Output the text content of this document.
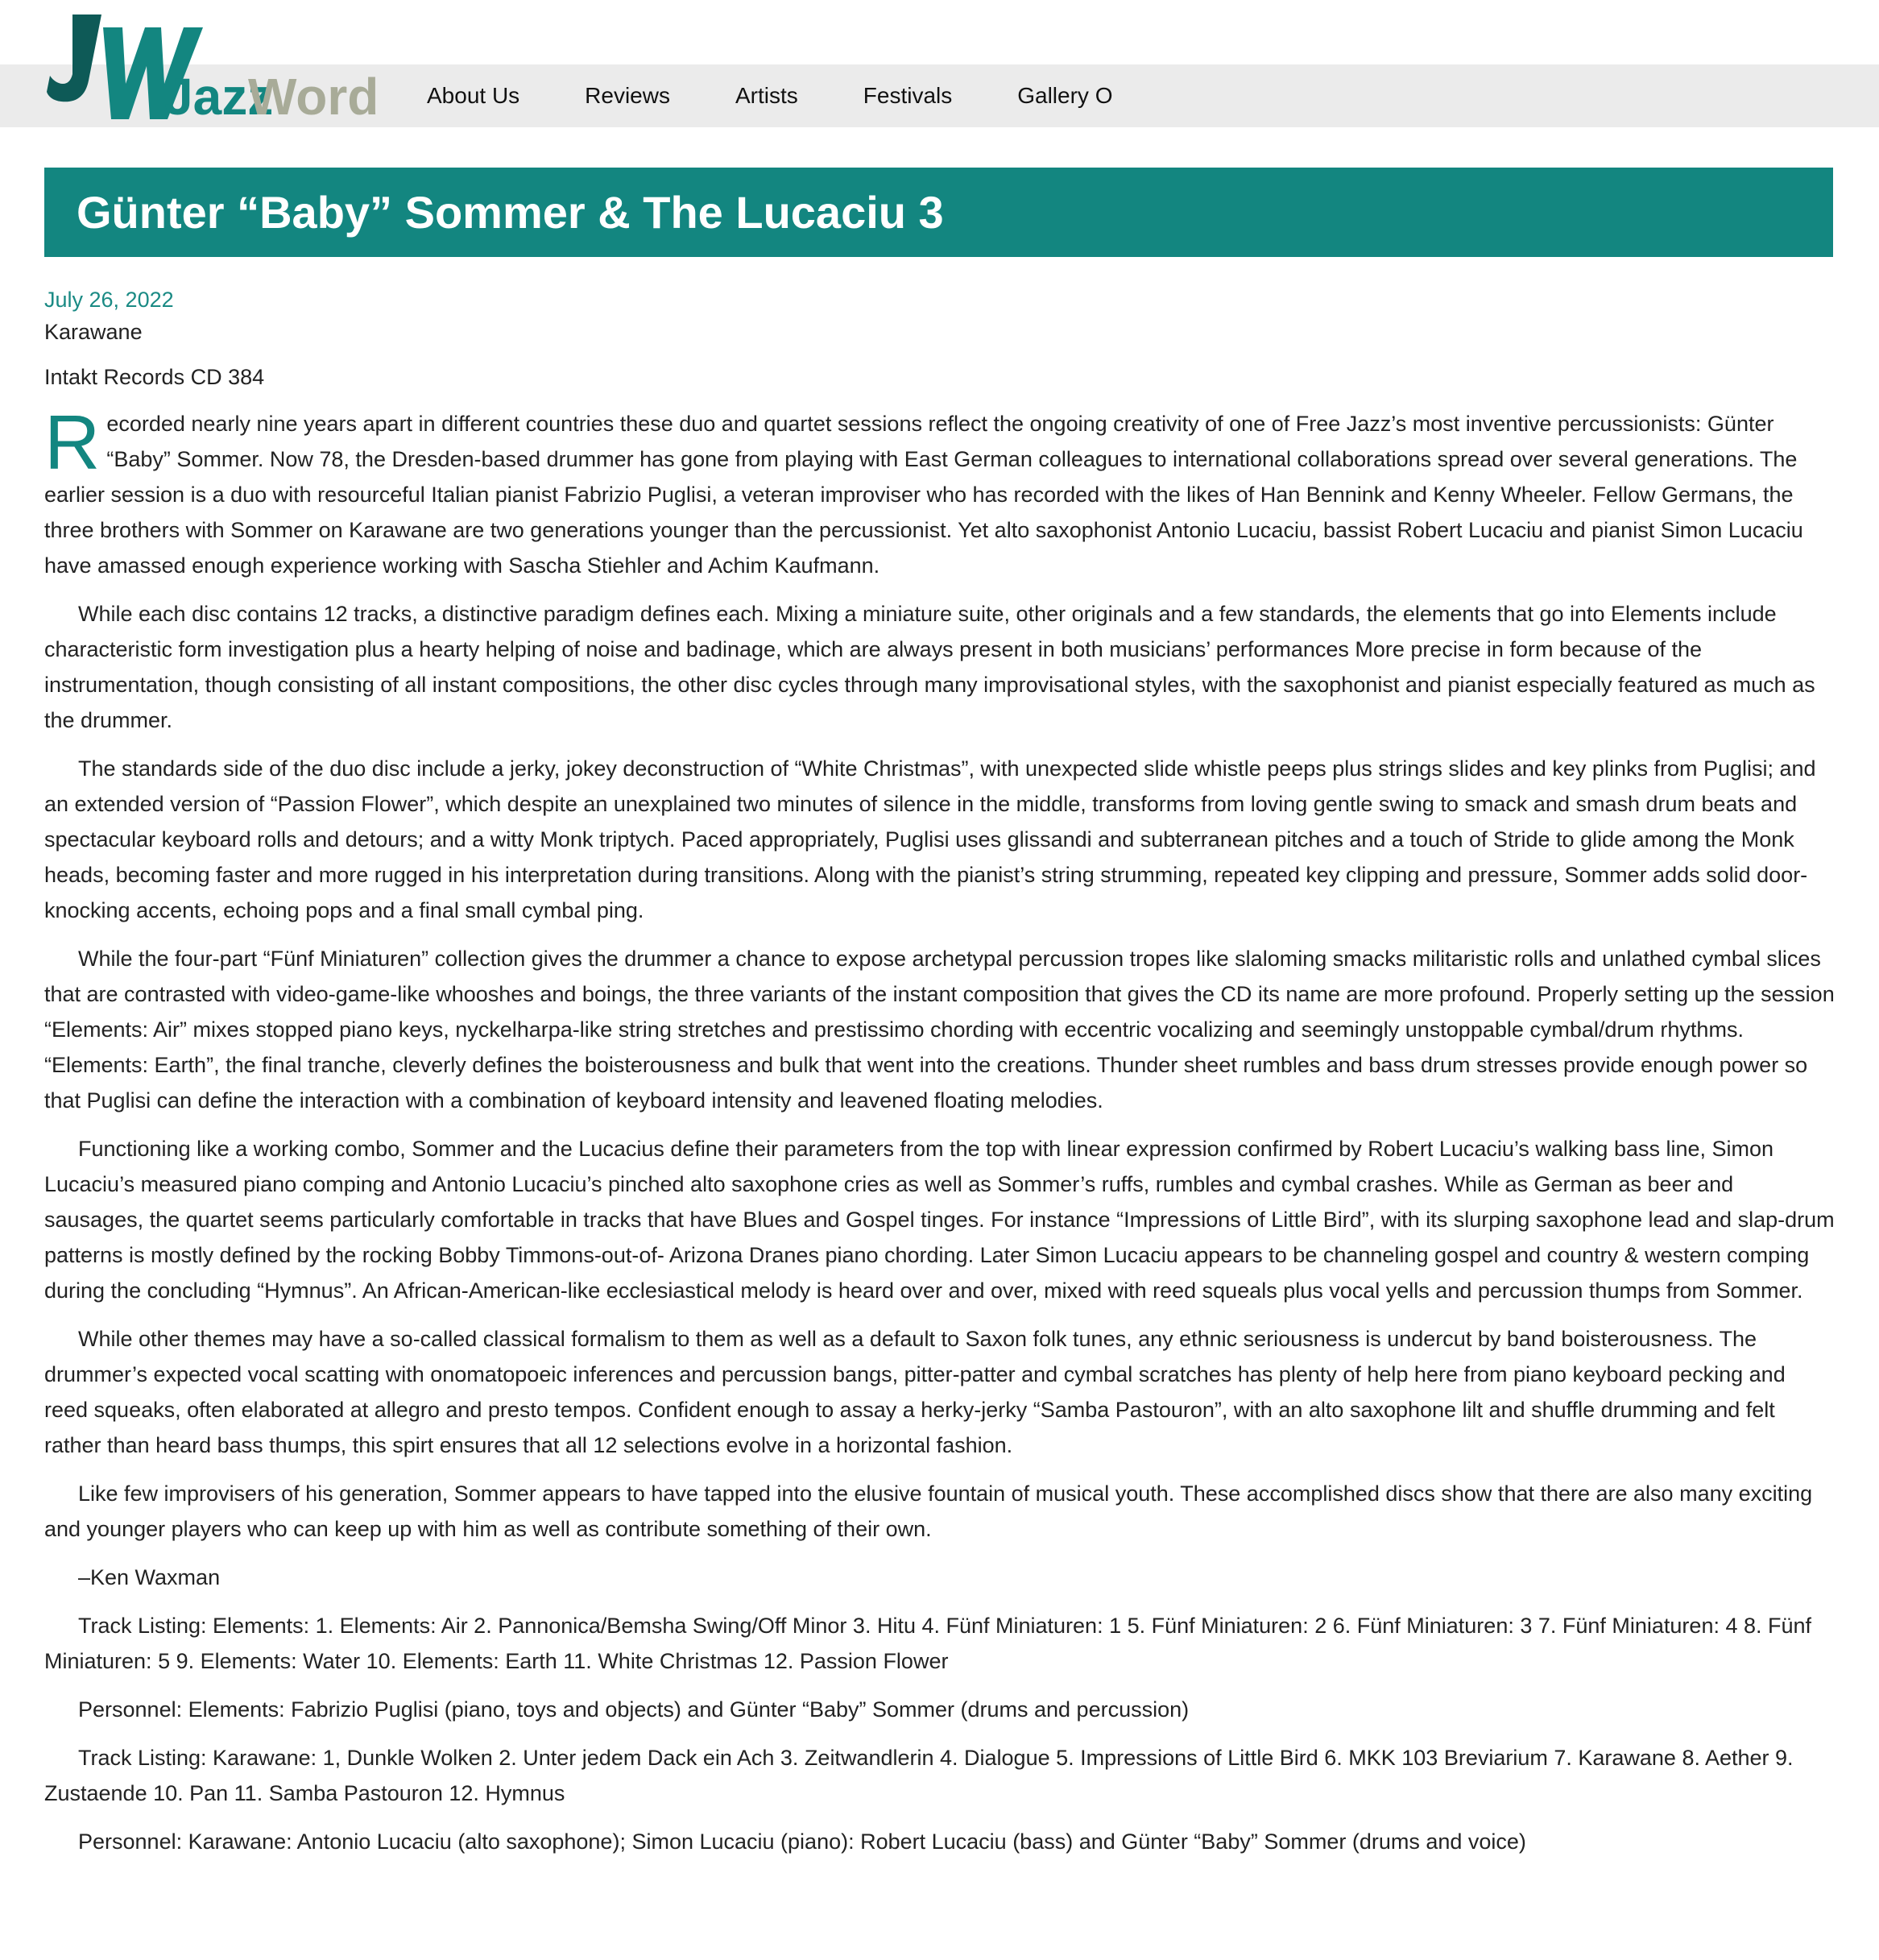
Jazz
Word About Us	Reviews	Artists	Festivals	Gallery O
Günter “Baby” Sommer & The Lucaciu 3
July 26, 2022
Karawane
Intakt Records CD 384

Recorded nearly nine years apart in different countries these duo and quartet sessions reflect the ongoing creativity of one of Free Jazz’s most inventive percussionists: Günter “Baby” Sommer. Now 78, the Dresden-based drummer has gone from playing with East German colleagues to international collaborations spread over several generations. The earlier session is a duo with resourceful Italian pianist Fabrizio Puglisi, a veteran improviser who has recorded with the likes of Han Bennink and Kenny Wheeler. Fellow Germans, the three brothers with Sommer on Karawane are two generations younger than the percussionist. Yet alto saxophonist Antonio Lucaciu, bassist Robert Lucaciu and pianist Simon Lucaciu have amassed enough experience working with Sascha Stiehler and Achim Kaufmann.

While each disc contains 12 tracks, a distinctive paradigm defines each. Mixing a miniature suite, other originals and a few standards, the elements that go into Elements include characteristic form investigation plus a hearty helping of noise and badinage, which are always present in both musicians’ performances More precise in form because of the instrumentation, though consisting of all instant compositions, the other disc cycles through many improvisational styles, with the saxophonist and pianist especially featured as much as the drummer.

The standards side of the duo disc include a jerky, jokey deconstruction of “White Christmas”, with unexpected slide whistle peeps plus strings slides and key plinks from Puglisi; and an extended version of “Passion Flower”, which despite an unexplained two minutes of silence in the middle, transforms from loving gentle swing to smack and smash drum beats and spectacular keyboard rolls and detours; and a witty Monk triptych. Paced appropriately, Puglisi uses glissandi and subterranean pitches and a touch of Stride to glide among the Monk heads, becoming faster and more rugged in his interpretation during transitions. Along with the pianist’s string strumming, repeated key clipping and pressure, Sommer adds solid door-knocking accents, echoing pops and a final small cymbal ping.

While the four-part “Fünf Miniaturen” collection gives the drummer a chance to expose archetypal percussion tropes like slaloming smacks militaristic rolls and unlathed cymbal slices that are contrasted with video-game-like whooshes and boings, the three variants of the instant composition that gives the CD its name are more profound. Properly setting up the session “Elements: Air” mixes stopped piano keys, nyckelharpa-like string stretches and prestissimo chording with eccentric vocalizing and seemingly unstoppable cymbal/drum rhythms. “Elements: Earth”, the final tranche, cleverly defines the boisterousness and bulk that went into the creations. Thunder sheet rumbles and bass drum stresses provide enough power so that Puglisi can define the interaction with a combination of keyboard intensity and leavened floating melodies.

Functioning like a working combo, Sommer and the Lucacius define their parameters from the top with linear expression confirmed by Robert Lucaciu’s walking bass line, Simon Lucaciu’s measured piano comping and Antonio Lucaciu’s pinched alto saxophone cries as well as Sommer’s ruffs, rumbles and cymbal crashes. While as German as beer and sausages, the quartet seems particularly comfortable in tracks that have Blues and Gospel tinges. For instance “Impressions of Little Bird”, with its slurping saxophone lead and slap-drum patterns is mostly defined by the rocking Bobby Timmons-out-of- Arizona Dranes piano chording. Later Simon Lucaciu appears to be channeling gospel and country & western comping during the concluding “Hymnus”. An African-American-like ecclesiastical melody is heard over and over, mixed with reed squeals plus vocal yells and percussion thumps from Sommer.

While other themes may have a so-called classical formalism to them as well as a default to Saxon folk tunes, any ethnic seriousness is undercut by band boisterousness. The drummer’s expected vocal scatting with onomatopoeic inferences and percussion bangs, pitter-patter and cymbal scratches has plenty of help here from piano keyboard pecking and reed squeaks, often elaborated at allegro and presto tempos. Confident enough to assay a herky-jerky “Samba Pastouron”, with an alto saxophone lilt and shuffle drumming and felt rather than heard bass thumps, this spirt ensures that all 12 selections evolve in a horizontal fashion.

Like few improvisers of his generation, Sommer appears to have tapped into the elusive fountain of musical youth. These accomplished discs show that there are also many exciting and younger players who can keep up with him as well as contribute something of their own.

–Ken Waxman

Track Listing: Elements: 1. Elements: Air 2. Pannonica/Bemsha Swing/Off Minor 3. Hitu 4. Fünf Miniaturen: 1 5. Fünf Miniaturen: 2 6. Fünf Miniaturen: 3 7. Fünf Miniaturen: 4 8. Fünf Miniaturen: 5 9. Elements: Water 10. Elements: Earth 11. White Christmas 12. Passion Flower

Personnel: Elements: Fabrizio Puglisi (piano, toys and objects) and Günter “Baby” Sommer (drums and percussion)

Track Listing: Karawane: 1, Dunkle Wolken 2. Unter jedem Dack ein Ach 3. Zeitwandlerin 4. Dialogue 5. Impressions of Little Bird 6. MKK 103 Breviarium 7. Karawane 8. Aether 9. Zustaende 10. Pan 11. Samba Pastouron 12. Hymnus

Personnel: Karawane: Antonio Lucaciu (alto saxophone); Simon Lucaciu (piano): Robert Lucaciu (bass) and Günter “Baby” Sommer (drums and voice)
